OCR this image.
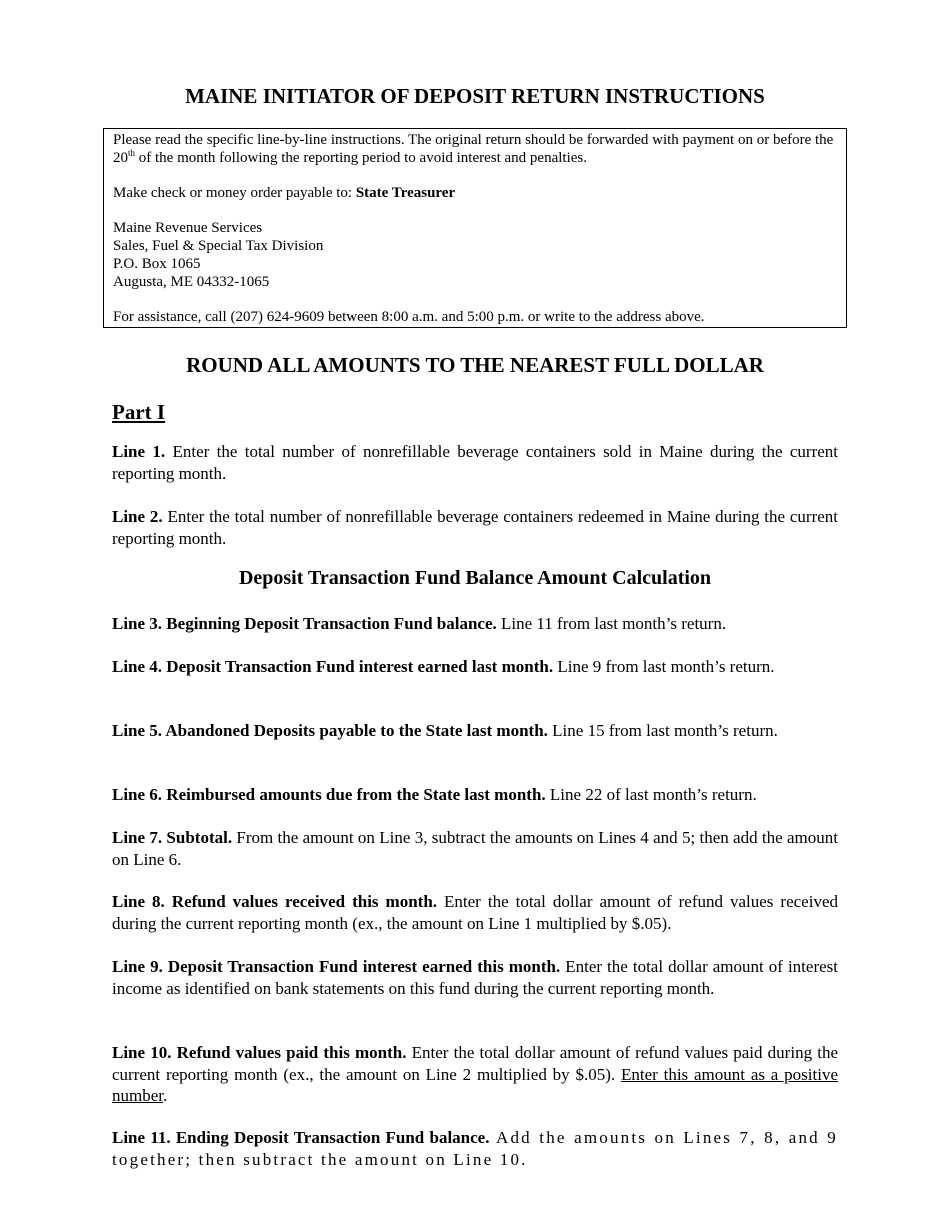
MAINE INITIATOR OF DEPOSIT RETURN INSTRUCTIONS

Please read the specific line-by-line instructions. The original return should be forwarded with payment on or before the 20th of the month following the reporting period to avoid interest and penalties.

Make check or money order payable to: State Treasurer

Maine Revenue Services

Sales, Fuel & Special Tax Division

P.O. Box 1065

Augusta, ME 04332-1065

For assistance, call (207) 624-9609 between 8:00 a.m. and 5:00 p.m. or write to the address above.

ROUND ALL AMOUNTS TO THE NEAREST FULL DOLLAR
Part I
Line 1. Enter the total number of nonrefillable beverage containers sold in Maine during the current reporting month.
Line 2. Enter the total number of nonrefillable beverage containers redeemed in Maine during the current reporting month.
Deposit Transaction Fund Balance Amount Calculation
Line 3. Beginning Deposit Transaction Fund balance. Line 11 from last month’s return.
Line 4. Deposit Transaction Fund interest earned last month. Line 9 from last month’s return.
Line 5. Abandoned Deposits payable to the State last month. Line 15 from last month’s return.
Line 6. Reimbursed amounts due from the State last month. Line 22 of last month’s return.
Line 7. Subtotal. From the amount on Line 3, subtract the amounts on Lines 4 and 5; then add the amount on Line 6.
Line 8. Refund values received this month. Enter the total dollar amount of refund values received during the current reporting month (ex., the amount on Line 1 multiplied by $.05).
Line 9. Deposit Transaction Fund interest earned this month. Enter the total dollar amount of interest income as identified on bank statements on this fund during the current reporting month.
Line 10. Refund values paid this month. Enter the total dollar amount of refund values paid during the current reporting month (ex., the amount on Line 2 multiplied by $.05). Enter this amount as a positive number.
Line 11. Ending Deposit Transaction Fund balance. Add the amounts on Lines 7, 8, and 9 together; then subtract the amount on Line 10.
